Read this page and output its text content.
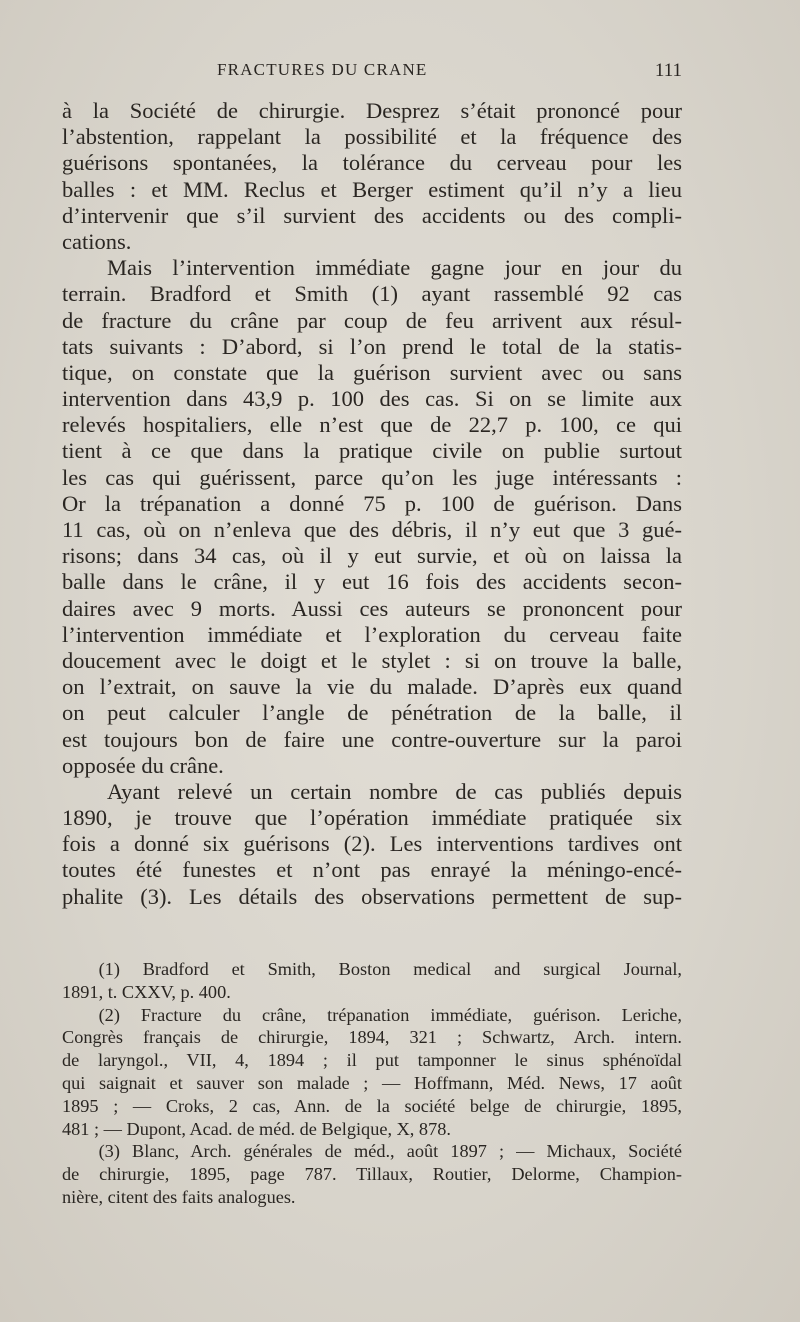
FRACTURES DU CRANE	111
à la Société de chirurgie. Desprez s’était prononcé pour
l’abstention, rappelant la possibilité et la fréquence des
guérisons spontanées, la tolérance du cerveau pour les
balles : et MM. Reclus et Berger estiment qu’il n’y a lieu
d’intervenir que s’il survient des accidents ou des compli-
cations.
Mais l’intervention immédiate gagne jour en jour du
terrain. Bradford et Smith (1) ayant rassemblé 92 cas
de fracture du crâne par coup de feu arrivent aux résul-
tats suivants : D’abord, si l’on prend le total de la statis-
tique, on constate que la guérison survient avec ou sans
intervention dans 43,9 p. 100 des cas. Si on se limite aux
relevés hospitaliers, elle n’est que de 22,7 p. 100, ce qui
tient à ce que dans la pratique civile on publie surtout
les cas qui guérissent, parce qu’on les juge intéressants :
Or la trépanation a donné 75 p. 100 de guérison. Dans
11 cas, où on n’enleva que des débris, il n’y eut que 3 gué-
risons; dans 34 cas, où il y eut survie, et où on laissa la
balle dans le crâne, il y eut 16 fois des accidents secon-
daires avec 9 morts. Aussi ces auteurs se prononcent pour
l’intervention immédiate et l’exploration du cerveau faite
doucement avec le doigt et le stylet : si on trouve la balle,
on l’extrait, on sauve la vie du malade. D’après eux quand
on peut calculer l’angle de pénétration de la balle, il
est toujours bon de faire une contre-ouverture sur la paroi
opposée du crâne.
Ayant relevé un certain nombre de cas publiés depuis
1890, je trouve que l’opération immédiate pratiquée six
fois a donné six guérisons (2). Les interventions tardives ont
toutes été funestes et n’ont pas enrayé la méningo-encé-
phalite (3). Les détails des observations permettent de sup-
(1) Bradford et Smith, Boston medical and surgical Journal,
1891, t. CXXV, p. 400.
(2) Fracture du crâne, trépanation immédiate, guérison. Leriche,
Congrès français de chirurgie, 1894, 321 ; Schwartz, Arch. intern.
de laryngol., VII, 4, 1894 ; il put tamponner le sinus sphénoïdal
qui saignait et sauver son malade ; — Hoffmann, Méd. News, 17 août
1895 ; — Croks, 2 cas, Ann. de la société belge de chirurgie, 1895,
481 ; — Dupont, Acad. de méd. de Belgique, X, 878.
(3) Blanc, Arch. générales de méd., août 1897 ; — Michaux, Société
de chirurgie, 1895, page 787. Tillaux, Routier, Delorme, Champion-
nière, citent des faits analogues.
